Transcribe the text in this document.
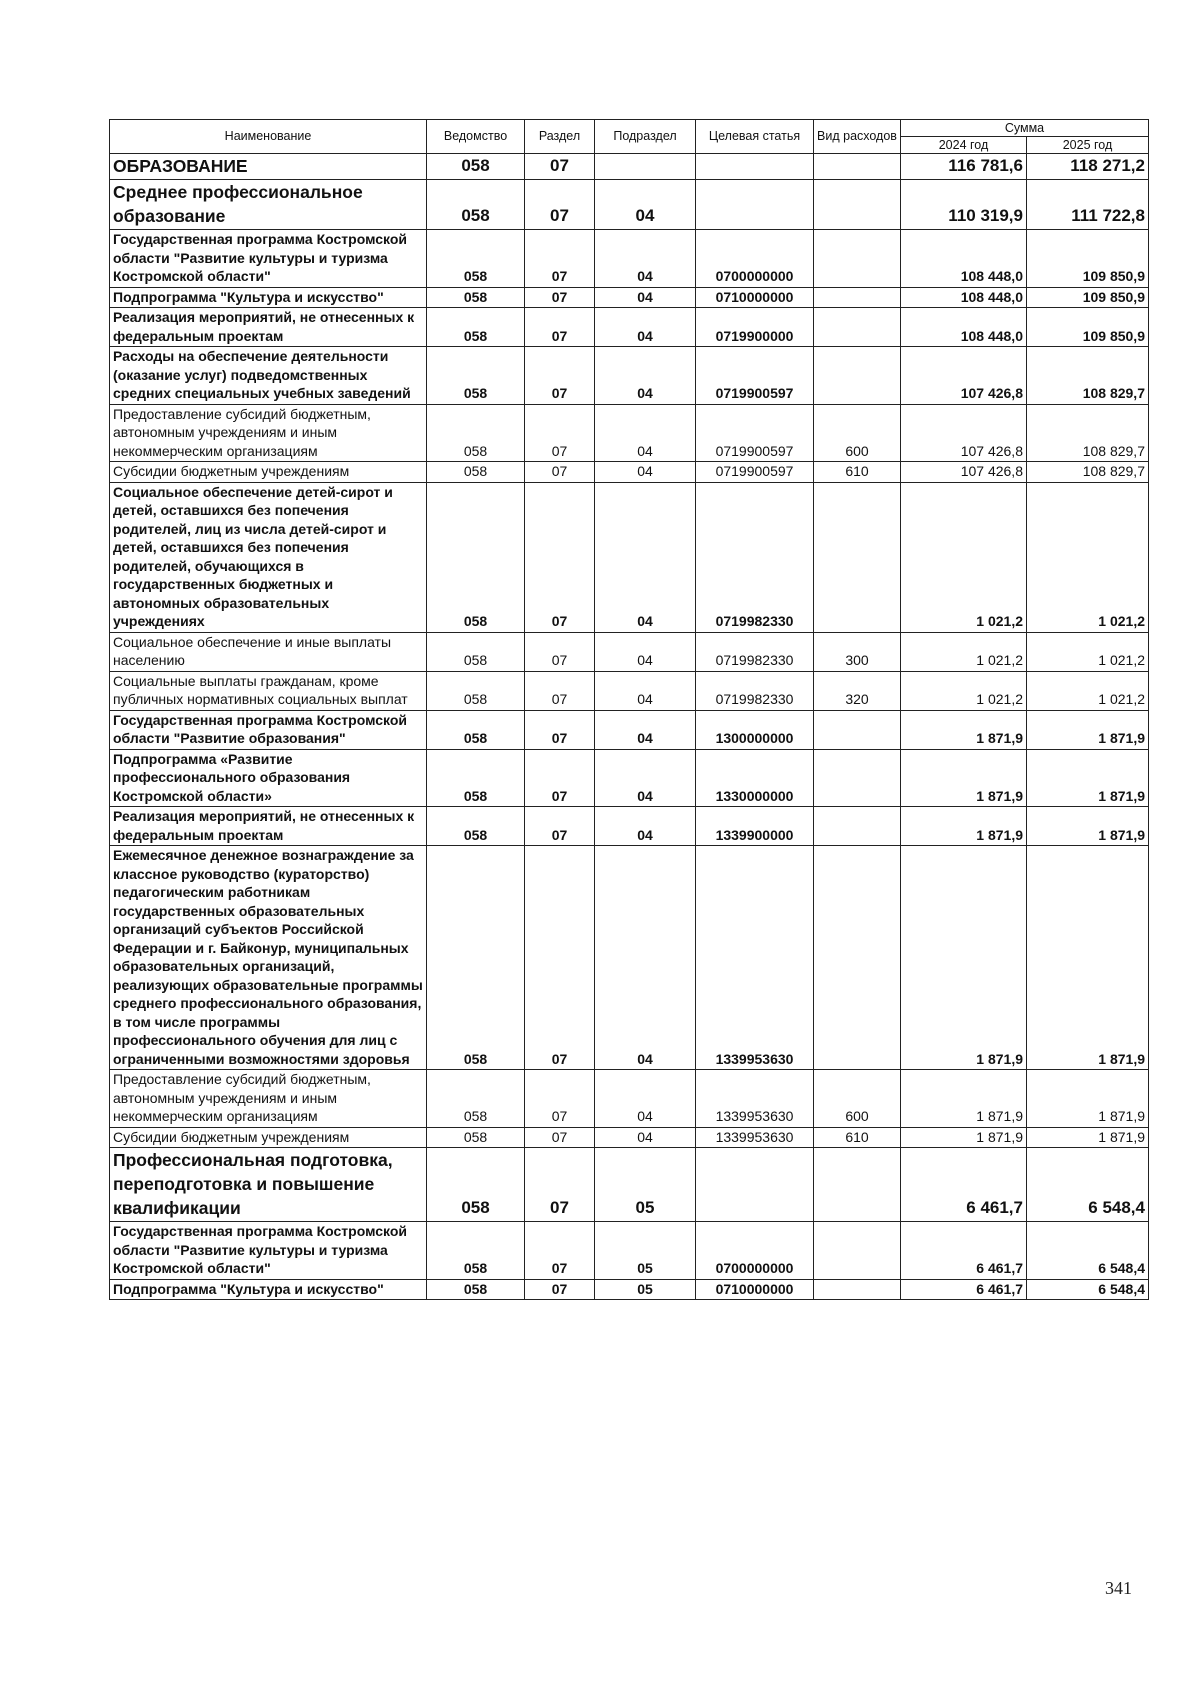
Наименование	Ведомство	Раздел	Подраздел	Целевая статья	Вид расходов	Сумма	
						2024 год	2025 год
ОБРАЗОВАНИЕ	058	07				116 781,6	118 271,2
Среднее профессиональное образование	058	07	04			110 319,9	111 722,8
Государственная программа Костромской области "Развитие культуры и туризма Костромской области"	058	07	04	0700000000		108 448,0	109 850,9
Подпрограмма "Культура и искусство"	058	07	04	0710000000		108 448,0	109 850,9
Реализация мероприятий, не отнесенных к федеральным проектам	058	07	04	0719900000		108 448,0	109 850,9
Расходы на обеспечение деятельности (оказание услуг) подведомственных средних специальных учебных заведений	058	07	04	0719900597		107 426,8	108 829,7
Предоставление субсидий бюджетным, автономным учреждениям и иным некоммерческим организациям	058	07	04	0719900597	600	107 426,8	108 829,7
Субсидии бюджетным учреждениям	058	07	04	0719900597	610	107 426,8	108 829,7
Социальное обеспечение детей-сирот и детей, оставшихся без попечения родителей, лиц из числа детей-сирот и детей, оставшихся без попечения родителей, обучающихся в государственных бюджетных и автономных образовательных учреждениях	058	07	04	0719982330		1 021,2	1 021,2
Социальное обеспечение и иные выплаты населению	058	07	04	0719982330	300	1 021,2	1 021,2
Социальные выплаты гражданам, кроме публичных нормативных социальных выплат	058	07	04	0719982330	320	1 021,2	1 021,2
Государственная программа Костромской области "Развитие образования"	058	07	04	1300000000		1 871,9	1 871,9
Подпрограмма «Развитие профессионального образования Костромской области»	058	07	04	1330000000		1 871,9	1 871,9
Реализация мероприятий, не отнесенных к федеральным проектам	058	07	04	1339900000		1 871,9	1 871,9
Ежемесячное денежное вознаграждение за классное руководство (кураторство) педагогическим работникам государственных образовательных организаций субъектов Российской Федерации и г. Байконур, муниципальных образовательных организаций, реализующих образовательные программы среднего профессионального образования, в том числе программы профессионального обучения для лиц с ограниченными возможностями здоровья	058	07	04	1339953630		1 871,9	1 871,9
Предоставление субсидий бюджетным, автономным учреждениям и иным некоммерческим организациям	058	07	04	1339953630	600	1 871,9	1 871,9
Субсидии бюджетным учреждениям	058	07	04	1339953630	610	1 871,9	1 871,9
Профессиональная подготовка, переподготовка и повышение квалификации	058	07	05			6 461,7	6 548,4
Государственная программа Костромской области "Развитие культуры и туризма Костромской области"	058	07	05	0700000000		6 461,7	6 548,4
Подпрограмма "Культура и искусство"	058	07	05	0710000000		6 461,7	6 548,4
341
